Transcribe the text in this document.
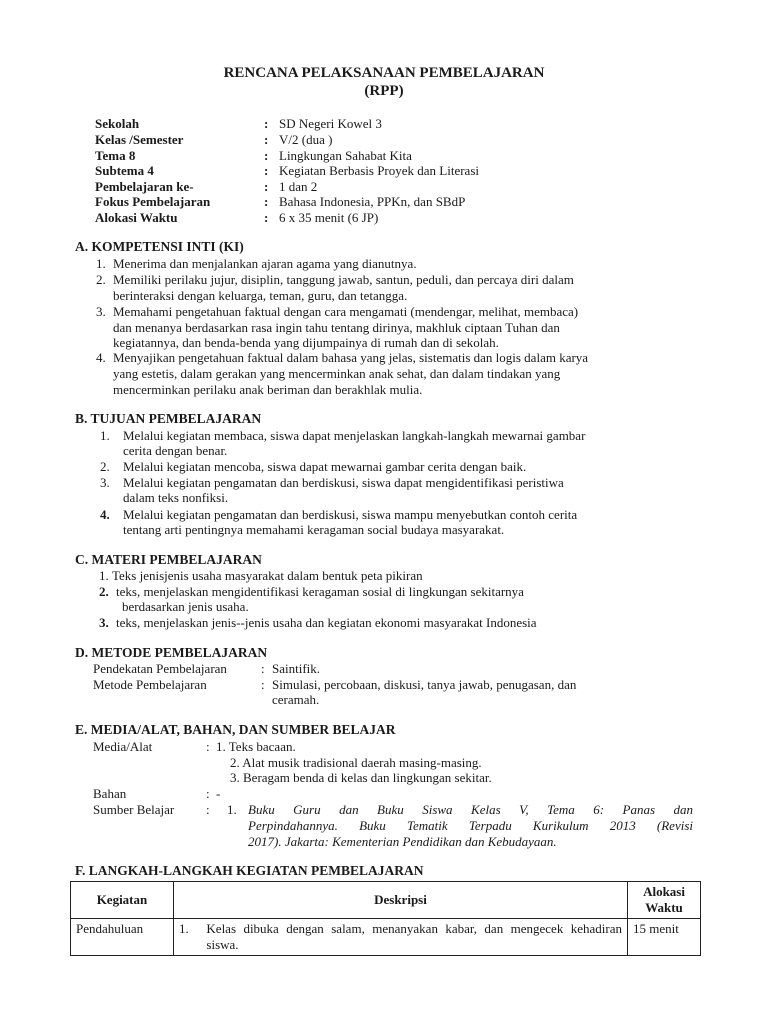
RENCANA PELAKSANAAN PEMBELAJARAN
(RPP)
Sekolah	: SD Negeri Kowel 3
Kelas /Semester	: V/2 (dua )
Tema 8	: Lingkungan Sahabat Kita
Subtema 4	: Kegiatan Berbasis Proyek dan Literasi
Pembelajaran ke-	: 1 dan 2
Fokus Pembelajaran	: Bahasa Indonesia, PPKn, dan SBdP
Alokasi Waktu	: 6 x 35 menit (6 JP)
A. KOMPETENSI INTI (KI)
1. Menerima dan menjalankan ajaran agama yang dianutnya.
2. Memiliki perilaku jujur, disiplin, tanggung jawab, santun, peduli, dan percaya diri dalam
berinteraksi dengan keluarga, teman, guru, dan tetangga.
3. Memahami pengetahuan faktual dengan cara mengamati (mendengar, melihat, membaca)
dan menanya berdasarkan rasa ingin tahu tentang dirinya, makhluk ciptaan Tuhan dan
kegiatannya, dan benda-benda yang dijumpainya di rumah dan di sekolah.
4. Menyajikan pengetahuan faktual dalam bahasa yang jelas, sistematis dan logis dalam karya
yang estetis, dalam gerakan yang mencerminkan anak sehat, dan dalam tindakan yang
mencerminkan perilaku anak beriman dan berakhlak mulia.
B. TUJUAN PEMBELAJARAN
1. Melalui kegiatan membaca, siswa dapat menjelaskan langkah-langkah mewarnai gambar
cerita dengan benar.
2. Melalui kegiatan mencoba, siswa dapat mewarnai gambar cerita dengan baik.
3. Melalui kegiatan pengamatan dan berdiskusi, siswa dapat mengidentifikasi peristiwa
dalam teks nonfiksi.
4. Melalui kegiatan pengamatan dan berdiskusi, siswa mampu menyebutkan contoh cerita
tentang arti pentingnya memahami keragaman social budaya masyarakat.
C. MATERI PEMBELAJARAN
1. Teks jenisjenis usaha masyarakat dalam bentuk peta pikiran
2. teks, menjelaskan mengidentifikasi keragaman sosial di lingkungan sekitarnya
berdasarkan jenis usaha.
3. teks, menjelaskan jenis--jenis usaha dan kegiatan ekonomi masyarakat Indonesia
D. METODE PEMBELAJARAN
Pendekatan Pembelajaran	: Saintifik.
Metode Pembelajaran	: Simulasi, percobaan, diskusi, tanya jawab, penugasan, dan
ceramah.
E. MEDIA/ALAT, BAHAN, DAN SUMBER BELAJAR
Media/Alat	: 1. Teks bacaan.
2. Alat musik tradisional daerah masing-masing.
3. Beragam benda di kelas dan lingkungan sekitar.
Bahan	: -
Sumber Belajar : 1. Buku Guru dan Buku Siswa Kelas V, Tema 6: Panas dan
Perpindahannya. Buku Tematik Terpadu Kurikulum 2013 (Revisi
2017). Jakarta: Kementerian Pendidikan dan Kebudayaan.
F. LANGKAH-LANGKAH KEGIATAN PEMBELAJARAN
Kegiatan	Deskripsi		Alokasi Waktu
Pendahuluan	1.	Kelas dibuka dengan salam, menanyakan kabar, dan mengecek kehadiran siswa.	15 menit
